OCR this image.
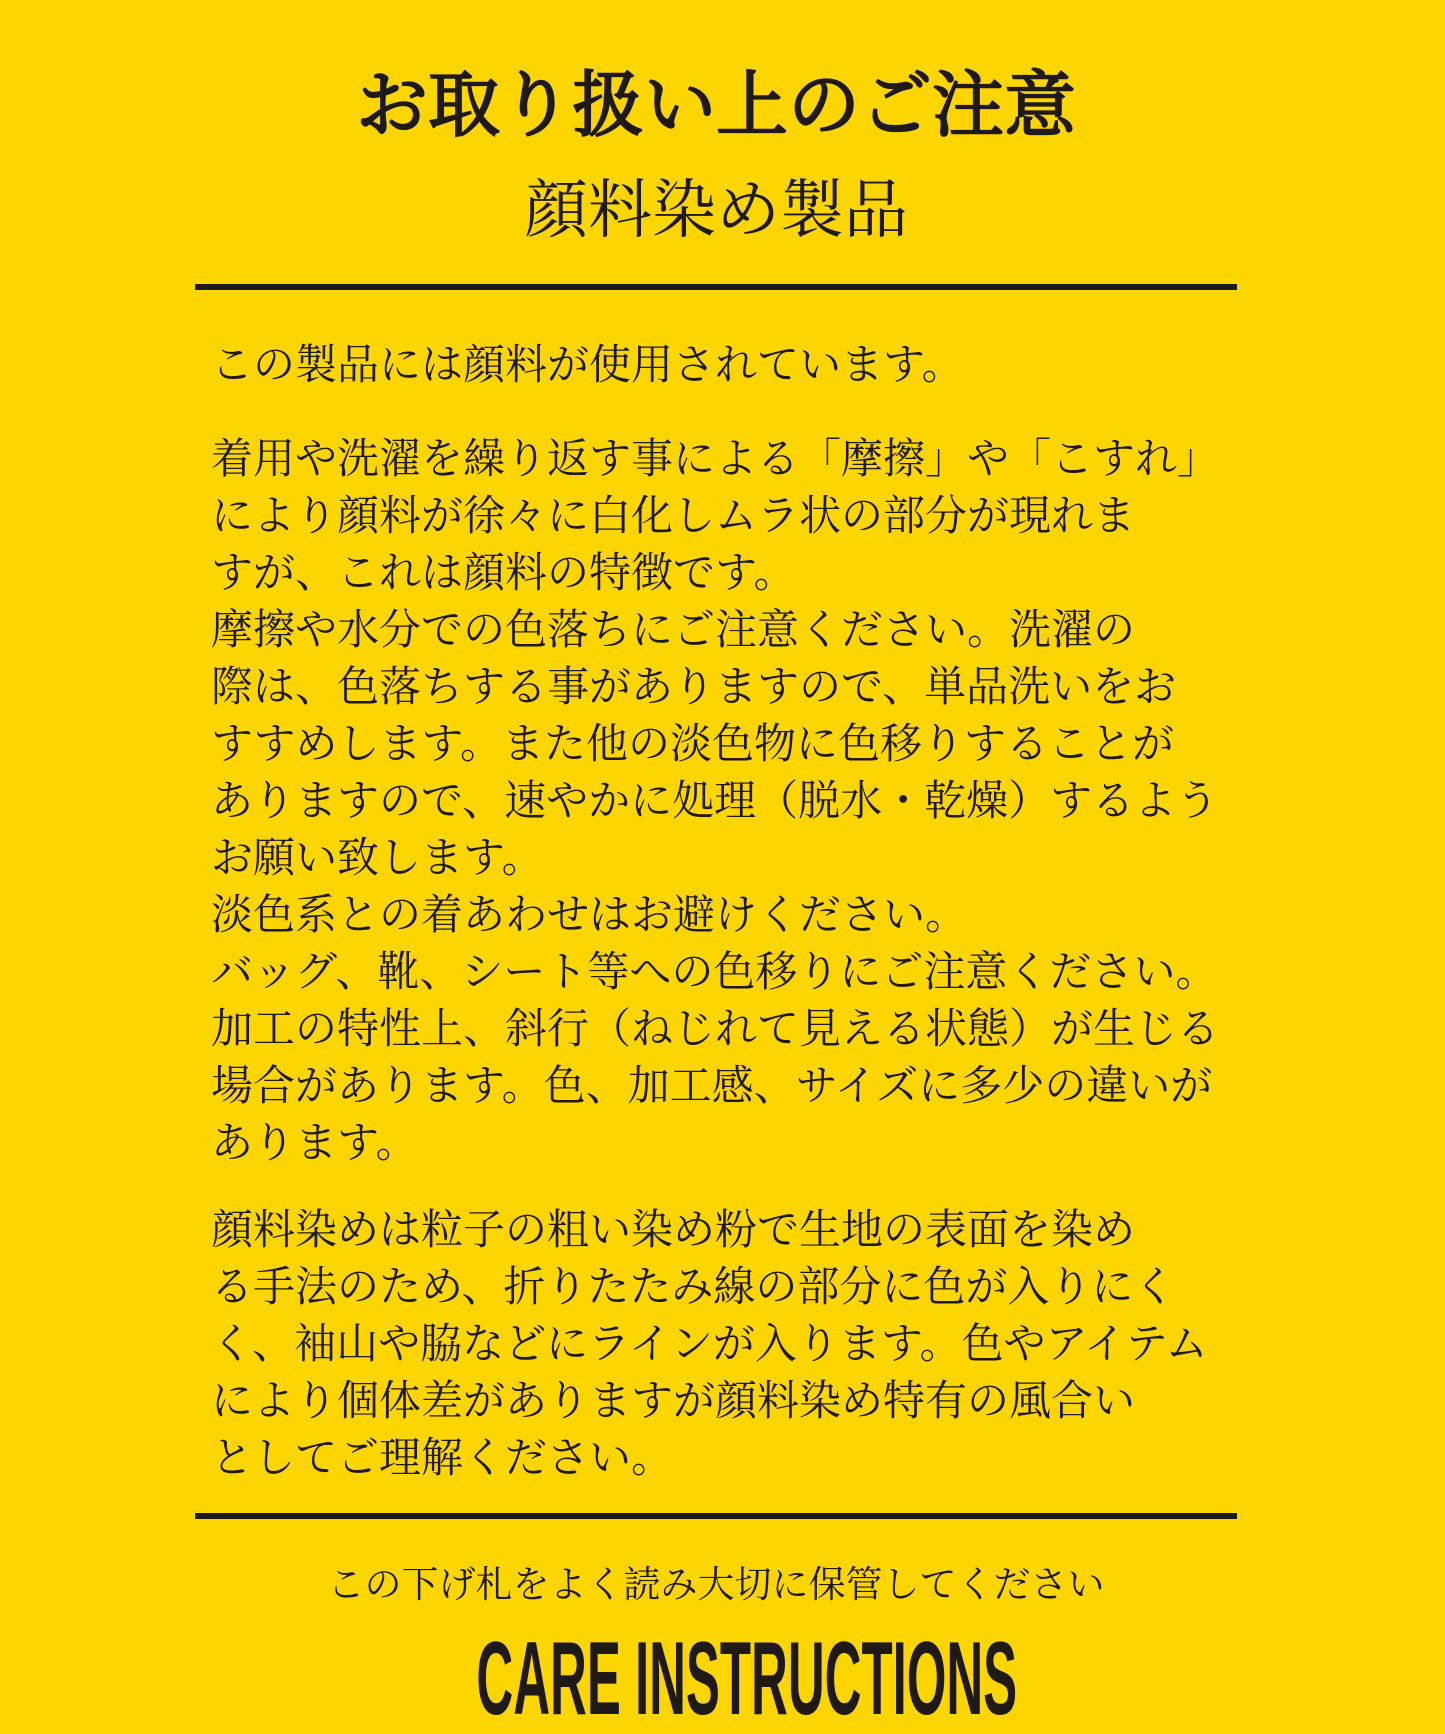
お取り扱い上のご注意
顔料染め製品
この製品には顔料が使用されています。
着用や洗濯を繰り返す事による「摩擦」や「こすれ」
により顔料が徐々に白化しムラ状の部分が現れま
すが、これは顔料の特徴です。
摩擦や水分での色落ちにご注意ください。洗濯の
際は、色落ちする事がありますので、単品洗いをお
すすめします。また他の淡色物に色移りすることが
ありますので、速やかに処理（脱水・乾燥）するよう
お願い致します。
淡色系との着あわせはお避けください。
バッグ、靴、シート等への色移りにご注意ください。
加工の特性上、斜行（ねじれて見える状態）が生じる
場合があります。色、加工感、サイズに多少の違いが
あります。
顔料染めは粒子の粗い染め粉で生地の表面を染め
る手法のため、折りたたみ線の部分に色が入りにく
く、袖山や脇などにラインが入ります。色やアイテム
により個体差がありますが顔料染め特有の風合い
としてご理解ください。
この下げ札をよく読み大切に保管してください
CARE INSTRUCTIONS
